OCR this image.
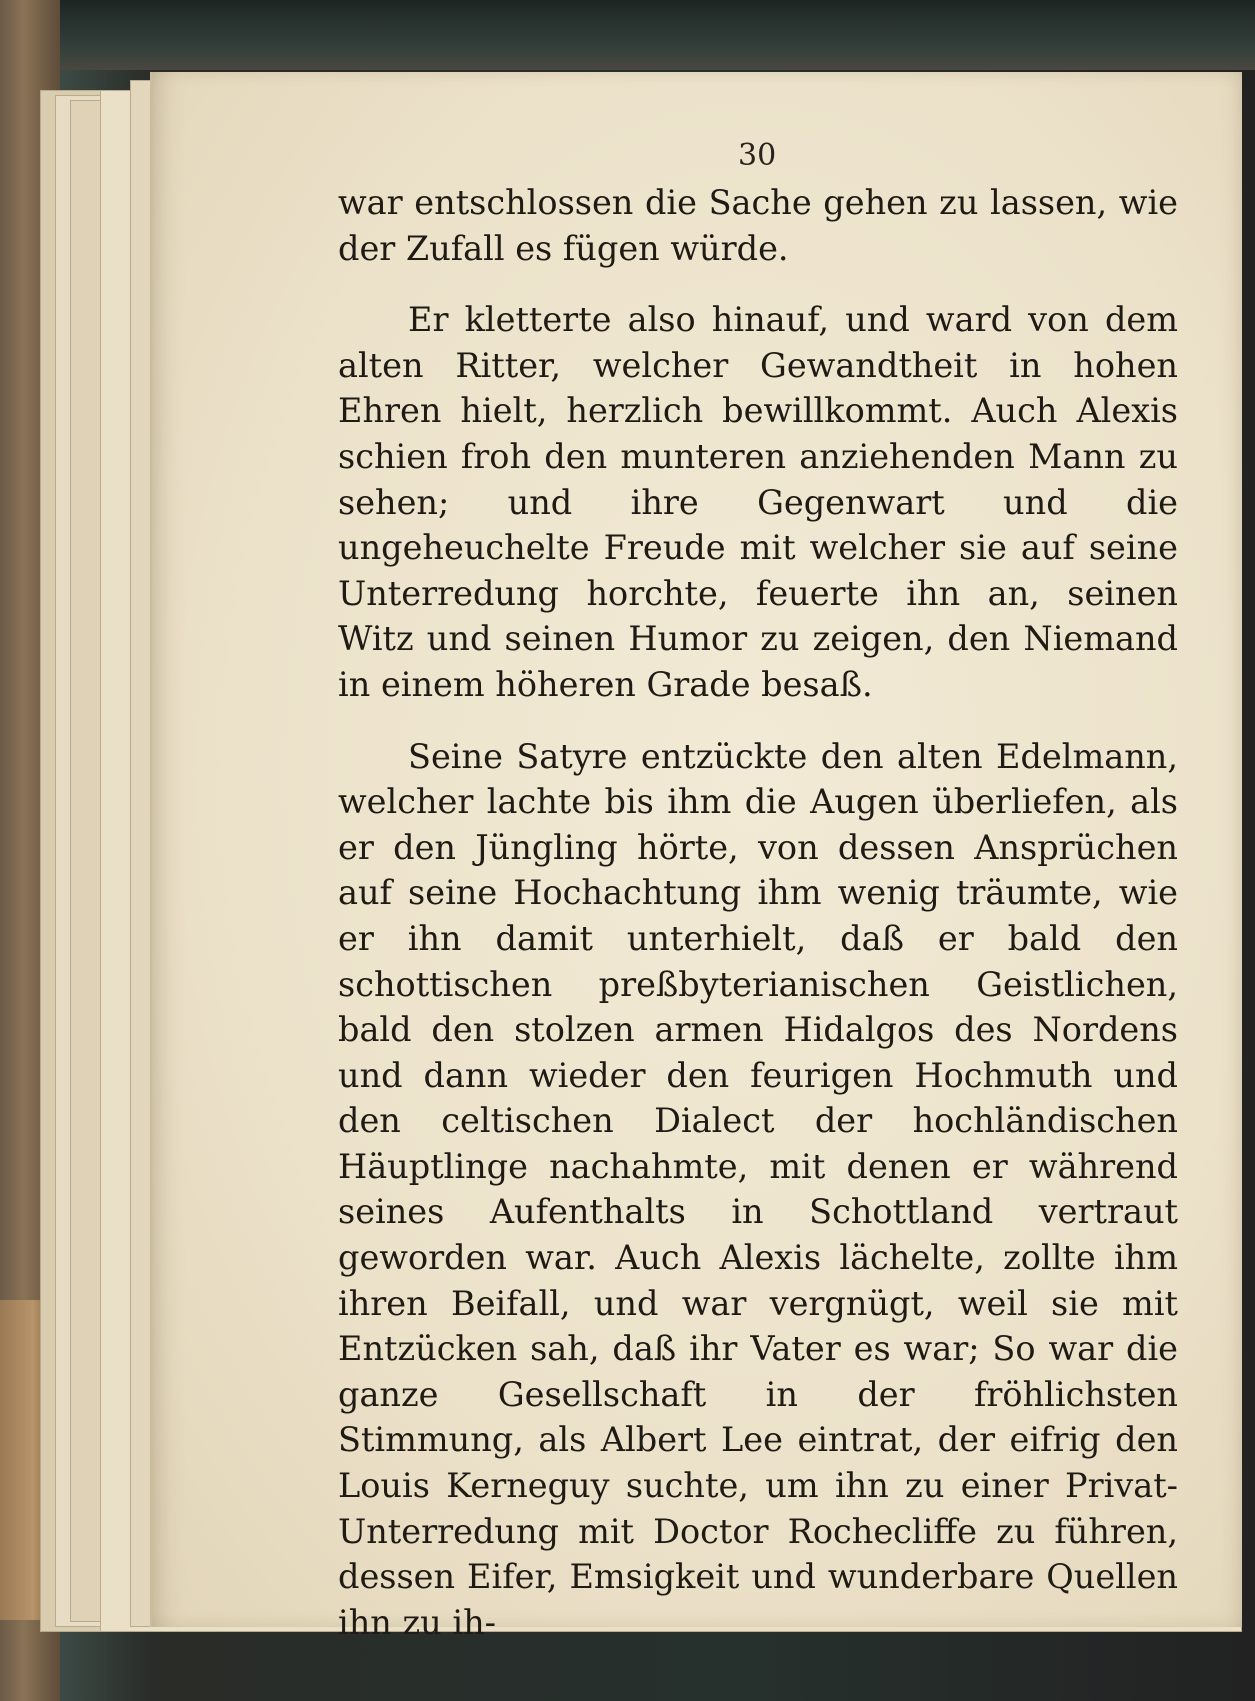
30

war entschlossen die Sache gehen zu lassen, wie der Zufall es fügen würde.

Er kletterte also hinauf, und ward von dem alten Ritter, welcher Gewandtheit in hohen Ehren hielt, herzlich bewillkommt. Auch Alexis schien froh den munteren anziehenden Mann zu sehen; und ihre Gegenwart und die ungeheuchelte Freude mit welcher sie auf seine Unterredung horchte, feuerte ihn an, seinen Witz und seinen Humor zu zeigen, den Niemand in einem höheren Grade besaß.

Seine Satyre entzückte den alten Edelmann, welcher lachte bis ihm die Augen überliefen, als er den Jüngling hörte, von dessen Ansprüchen auf seine Hochachtung ihm wenig träumte, wie er ihn damit unterhielt, daß er bald den schottischen preßbyterianischen Geistlichen, bald den stolzen armen Hidalgos des Nordens und dann wieder den feurigen Hochmuth und den celtischen Dialect der hochländischen Häuptlinge nachahmte, mit denen er während seines Aufenthalts in Schottland vertraut geworden war. Auch Alexis lächelte, zollte ihm ihren Beifall, und war vergnügt, weil sie mit Entzücken sah, daß ihr Vater es war; So war die ganze Gesellschaft in der fröhlichsten Stimmung, als Albert Lee eintrat, der eifrig den Louis Kerneguy suchte, um ihn zu einer Privat-Unterredung mit Doctor Rochecliffe zu führen, dessen Eifer, Emsigkeit und wunderbare Quellen ihn zu ih-
